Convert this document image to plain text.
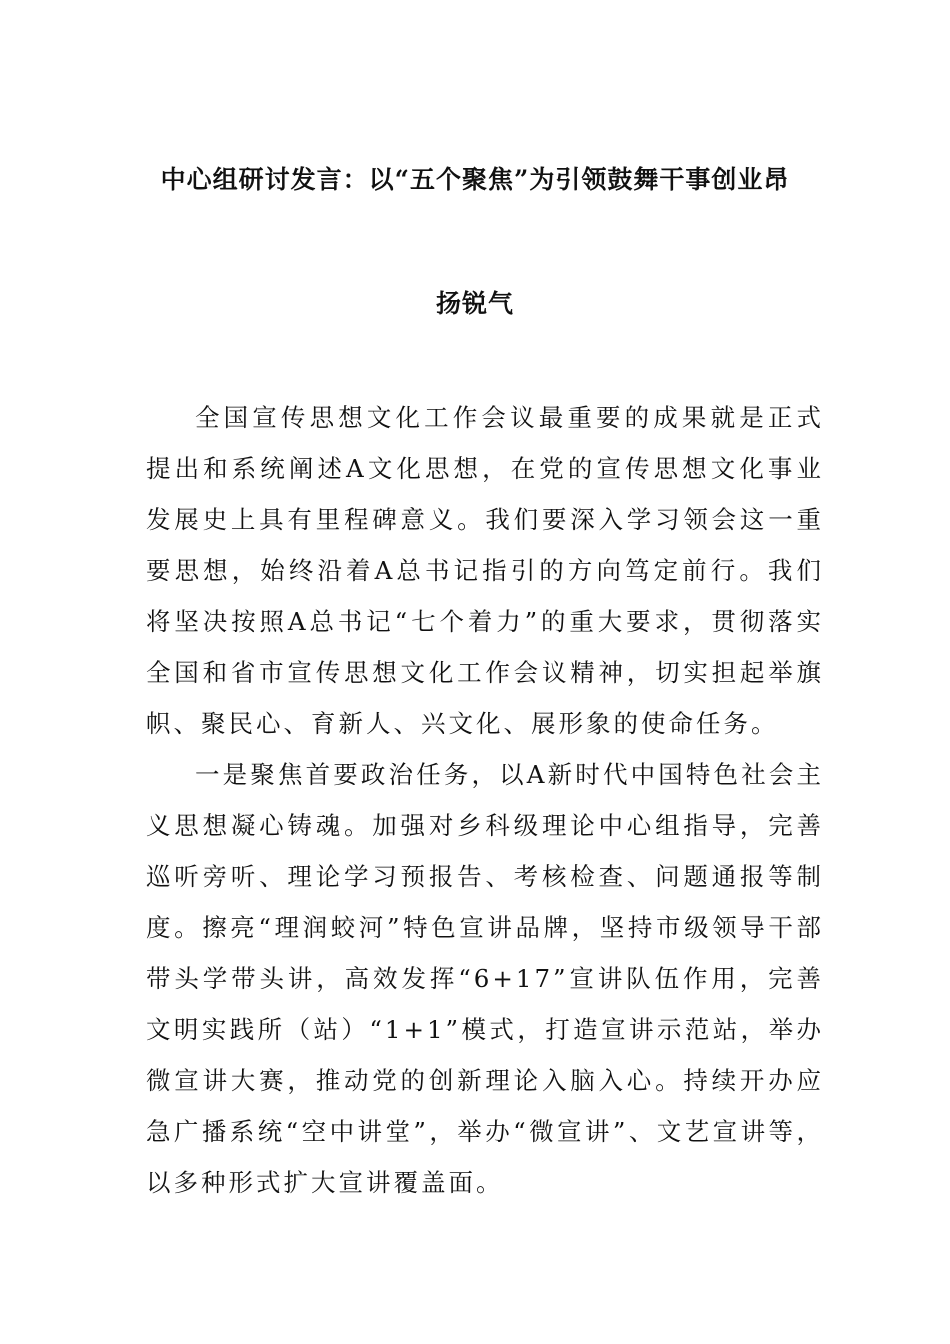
中心组研讨发言：以“五个聚焦”为引领鼓舞干事创业昂
扬锐气

全国宣传思想文化工作会议最重要的成果就是正式提出和系统阐述A文化思想，在党的宣传思想文化事业发展史上具有里程碑意义。我们要深入学习领会这一重要思想，始终沿着A总书记指引的方向笃定前行。我们将坚决按照A总书记“七个着力”的重大要求，贯彻落实全国和省市宣传思想文化工作会议精神，切实担起举旗帜、聚民心、育新人、兴文化、展形象的使命任务。

一是聚焦首要政治任务，以A新时代中国特色社会主义思想凝心铸魂。加强对乡科级理论中心组指导，完善巡听旁听、理论学习预报告、考核检查、问题通报等制度。擦亮“理润蛟河”特色宣讲品牌，坚持市级领导干部带头学带头讲，高效发挥“6+17”宣讲队伍作用，完善文明实践所（站）“1+1”模式，打造宣讲示范站，举办微宣讲大赛，推动党的创新理论入脑入心。持续开办应急广播系统“空中讲堂”，举办“微宣讲”、文艺宣讲等，以多种形式扩大宣讲覆盖面。
